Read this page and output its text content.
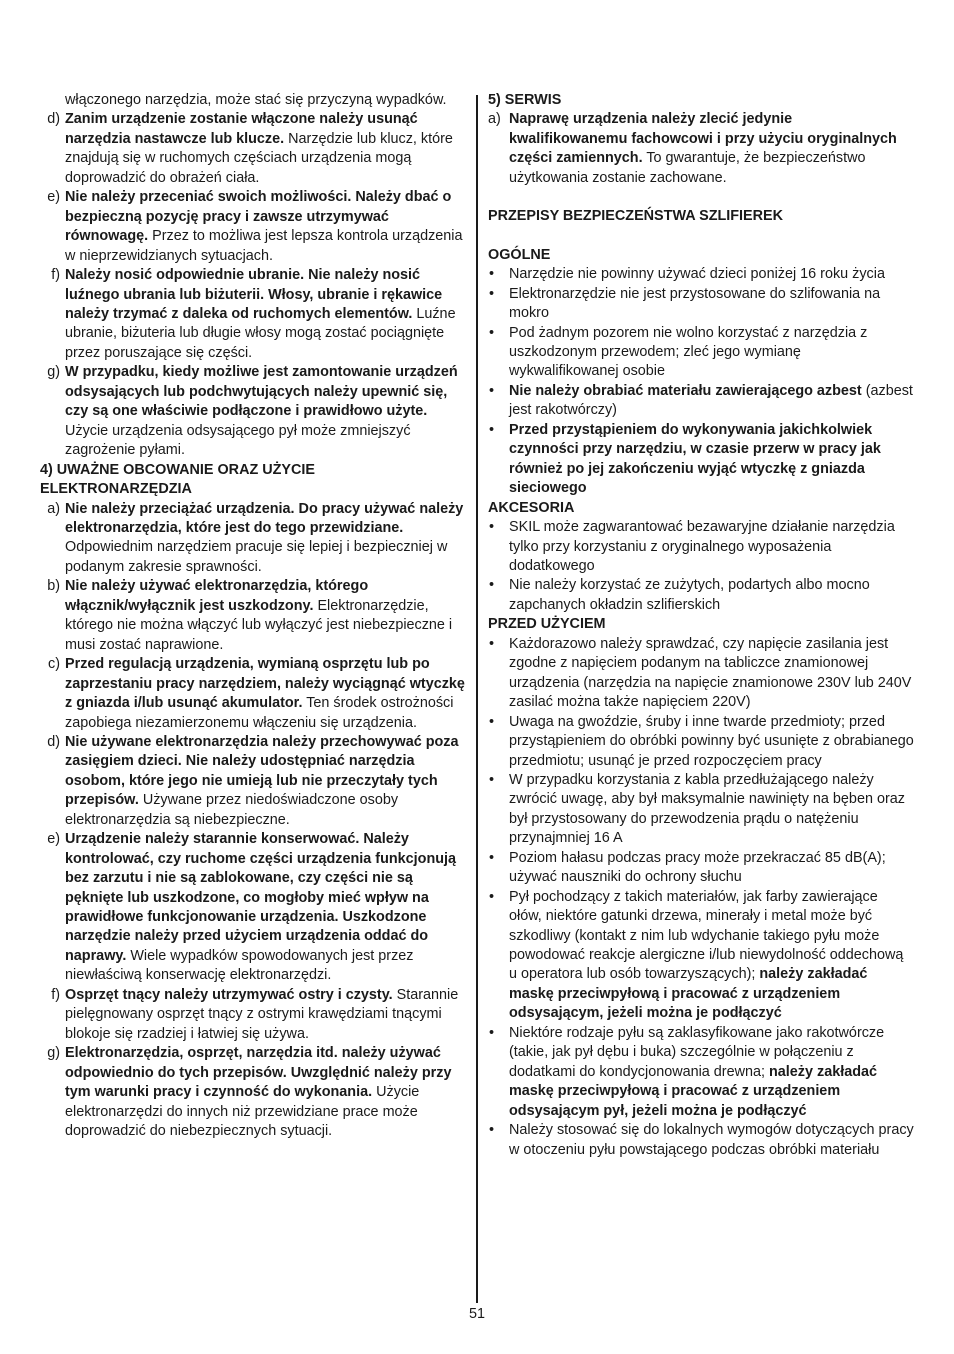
włączonego narzędzia, może stać się przyczyną wypadków.
d) Zanim urządzenie zostanie włączone należy usunąć narzędzia nastawcze lub klucze. Narzędzie lub klucz, które znajdują się w ruchomych częściach urządzenia mogą doprowadzić do obrażeń ciała.
e) Nie należy przeceniać swoich możliwości. Należy dbać o bezpieczną pozycję pracy i zawsze utrzymywać równowagę. Przez to możliwa jest lepsza kontrola urządzenia w nieprzewidzianych sytuacjach.
f) Należy nosić odpowiednie ubranie. Nie należy nosić luźnego ubrania lub biżuterii. Włosy, ubranie i rękawice należy trzymać z daleka od ruchomych elementów. Luźne ubranie, biżuteria lub długie włosy mogą zostać pociągnięte przez poruszające się części.
g) W przypadku, kiedy możliwe jest zamontowanie urządzeń odsysających lub podchwytujących należy upewnić się, czy są one właściwie podłączone i prawidłowo użyte. Użycie urządzenia odsysającego pył może zmniejszyć zagrożenie pyłami.
4) UWAŻNE OBCOWANIE ORAZ UŻYCIE ELEKTRONARZĘDZIA
a) Nie należy przeciążać urządzenia. Do pracy używać należy elektronarzędzia, które jest do tego przewidziane. Odpowiednim narzędziem pracuje się lepiej i bezpieczniej w podanym zakresie sprawności.
b) Nie należy używać elektronarzędzia, którego włącznik/wyłącznik jest uszkodzony. Elektronarzędzie, którego nie można włączyć lub wyłączyć jest niebezpieczne i musi zostać naprawione.
c) Przed regulacją urządzenia, wymianą osprzętu lub po zaprzestaniu pracy narzędziem, należy wyciągnąć wtyczkę z gniazda i/lub usunąć akumulator. Ten środek ostrożności zapobiega niezamierzonemu włączeniu się urządzenia.
d) Nie używane elektronarzędzia należy przechowywać poza zasięgiem dzieci. Nie należy udostępniać narzędzia osobom, które jego nie umieją lub nie przeczytały tych przepisów. Używane przez niedoświadczone osoby elektronarzędzia są niebezpieczne.
e) Urządzenie należy starannie konserwować. Należy kontrolować, czy ruchome części urządzenia funkcjonują bez zarzutu i nie są zablokowane, czy części nie są pęknięte lub uszkodzone, co mogłoby mieć wpływ na prawidłowe funkcjonowanie urządzenia. Uszkodzone narzędzie należy przed użyciem urządzenia oddać do naprawy. Wiele wypadków spowodowanych jest przez niewłaściwą konserwację elektronarzędzi.
f) Osprzęt tnący należy utrzymywać ostry i czysty. Starannie pielęgnowany osprzęt tnący z ostrymi krawędziami tnącymi blokoje się rzadziej i łatwiej się używa.
g) Elektronarzędzia, osprzęt, narzędzia itd. należy używać odpowiednio do tych przepisów. Uwzględnić należy przy tym warunki pracy i czynność do wykonania. Użycie elektronarzędzi do innych niż przewidziane prace może doprowadzić do niebezpiecznych sytuacji.
5) SERWIS
a) Naprawę urządzenia należy zlecić jedynie kwalifikowanemu fachowcowi i przy użyciu oryginalnych części zamiennych. To gwarantuje, że bezpieczeństwo użytkowania zostanie zachowane.
PRZEPISY BEZPIECZEŃSTWA SZLIFIEREK
OGÓLNE
• Narzędzie nie powinny używać dzieci poniżej 16 roku życia
• Elektronarzędzie nie jest przystosowane do szlifowania na mokro
• Pod żadnym pozorem nie wolno korzystać z narzędzia z uszkodzonym przewodem; zleć jego wymianę wykwalifikowanej osobie
• Nie należy obrabiać materiału zawierającego azbest (azbest jest rakotwórczy)
• Przed przystąpieniem do wykonywania jakichkolwiek czynności przy narzędziu, w czasie przerw w pracy jak również po jej zakończeniu wyjąć wtyczkę z gniazda sieciowego
AKCESORIA
• SKIL może zagwarantować bezawaryjne działanie narzędzia tylko przy korzystaniu z oryginalnego wyposażenia dodatkowego
• Nie należy korzystać ze zużytych, podartych albo mocno zapchanych okładzin szlifierskich
PRZED UŻYCIEM
• Każdorazowo należy sprawdzać, czy napięcie zasilania jest zgodne z napięciem podanym na tabliczce znamionowej urządzenia (narzędzia na napięcie znamionowe 230V lub 240V zasilać można także napięciem 220V)
• Uwaga na gwoździe, śruby i inne twarde przedmioty; przed przystąpieniem do obróbki powinny być usunięte z obrabianego przedmiotu; usunąć je przed rozpoczęciem pracy
• W przypadku korzystania z kabla przedłużającego należy zwrócić uwagę, aby był maksymalnie nawinięty na bęben oraz był przystosowany do przewodzenia prądu o natężeniu przynajmniej 16 A
• Poziom hałasu podczas pracy może przekraczać 85 dB(A); używać nauszniki do ochrony słuchu
• Pył pochodzący z takich materiałów, jak farby zawierające ołów, niektóre gatunki drzewa, minerały i metal może być szkodliwy (kontakt z nim lub wdychanie takiego pyłu może powodować reakcje alergiczne i/lub niewydolność oddechową u operatora lub osób towarzyszących); należy zakładać maskę przeciwpyłową i pracować z urządzeniem odsysającym, jeżeli można je podłączyć
• Niektóre rodzaje pyłu są zaklasyfikowane jako rakotwórcze (takie, jak pył dębu i buka) szczególnie w połączeniu z dodatkami do kondycjonowania drewna; należy zakładać maskę przeciwpyłową i pracować z urządzeniem odsysającym pył, jeżeli można je podłączyć
• Należy stosować się do lokalnych wymogów dotyczących pracy w otoczeniu pyłu powstającego podczas obróbki materiału
51
